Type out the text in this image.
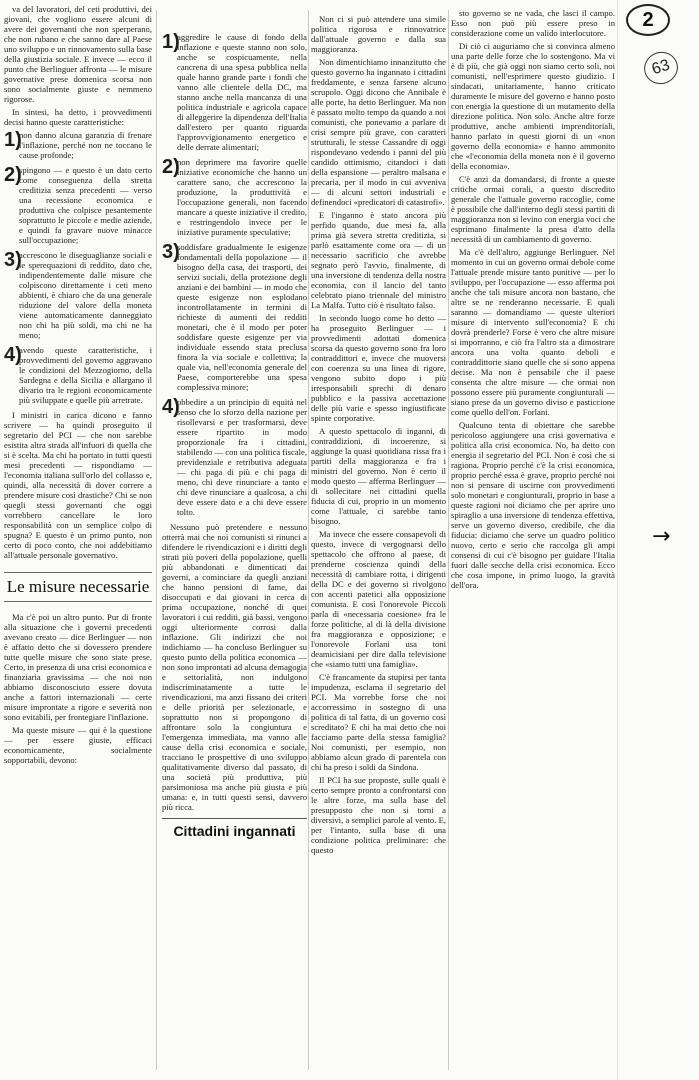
2
63
→

va del lavoratori, del ceti produttivi, dei giovani, che vogliono essere alcuni di avere dei governanti che non sperperano, che non rubano e che sanno dare al Paese uno sviluppo e un rinnovamento sulla base della giustizia sociale. E invece — ecco il punto che Berlinguer affronta — le misure governative prese domenica scorsa non sono socialmente giuste e nemmeno rigorose.

In sintesi, ha detto, i provvedimenti decisi hanno queste caratteristiche:

1)
non danno alcuna garanzia di frenare l'inflazione, perché non ne toccano le cause profonde;
2)
spingono — e questo è un dato certo come conseguenza della stretta creditizia senza precedenti — verso una recessione economica e produttiva che colpisce pesantemente soprattutto le piccole e medie aziende, e quindi fa gravare nuove minacce sull'occupazione;
3)
accrescono le diseguaglianze sociali e le sperequazioni di reddito, dato che, indipendentemente dalle misure che colpiscono direttamente i ceti meno abbienti, è chiaro che da una generale riduzione del valore della moneta viene automaticamente danneggiato non chi ha più soldi, ma chi ne ha meno;
4)
avendo queste caratteristiche, i provvedimenti del governo aggravano le condizioni del Mezzogiorno, della Sardegna e della Sicilia e allargano il divario tra le regioni economicamente più sviluppate e quelle più arretrate.

I ministri in carica dicono e fanno scrivere — ha quindi proseguito il segretario del PCI — che non sarebbe esistita altra strada all'infuori di quella che si è scelta. Ma chi ha portato in tutti questi mesi precedenti — rispondiamo — l'economia italiana sull'orlo del collasso e, quindi, alla necessità di dover correre a prendere misure così drastiche? Chi se non quegli stessi governanti che oggi vorrebbero cancellare le loro responsabilità con un semplice colpo di spugna? E questo è un primo punto, non certo di poco conto, che noi addebitiamo all'attuale personale governativo.

Le misure necessarie

Ma c'è poi un altro punto. Pur di fronte alla situazione che i governi precedenti avevano creato — dice Berlinguer — non è affatto detto che si dovessero prendere tutte quelle misure che sono state prese. Certo, in presenza di una crisi economica e finanziaria gravissima — che noi non abbiamo disconosciuto essere dovuta anche a fattori internazionali — certe misure improntate a rigore e severità non sono evitabili, per frontegiare l'inflazione.

Ma queste misure — qui è la questione — per essere giuste, efficaci economicamente, socialmente sopportabili, devono:

1)
aggredire le cause di fondo della inflazione e queste stanno non solo, anche se cospicuamente, nella cancrena di una spesa pubblica nella quale hanno grande parte i fondi che vanno alle clientele della DC, ma stanno anche nella mancanza di una politica industriale e agricola capace di alleggerire la dipendenza dell'Italia dall'estero per quanto riguarda l'approvvigionamento energetico e delle derrate alimentari;
2)
non deprimere ma favorire quelle iniziative economiche che hanno un carattere sano, che accrescono la produzione, la produttività e l'occupazione generali, non facendo mancare a queste iniziative il credito, e restringendolo invece per le iniziative puramente speculative;
3)
soddisfare gradualmente le esigenze fondamentali della popolazione — il bisogno della casa, dei trasporti, dei servizi sociali, della protezione degli anziani e dei bambini — in modo che queste esigenze non esplodano incontrollatamente in termini di richieste di aumenti dei redditi monetari, che è il modo per poter soddisfare queste esigenze per via individuale essendo stata preclusa finora la via sociale e collettiva; la quale via, nell'economia generale del Paese, comporterebbe una spesa complessiva minore;
4)
obbedire a un principio di equità nel senso che lo sforzo della nazione per risollevarsi e per trasformarsi, deve essere ripartito in modo proporzionale fra i cittadini, stabilendo — con una politica fiscale, previdenziale e retributiva adeguata — chi paga di più e chi paga di meno, chi deve rinunciare a tanto e chi deve rinunciare a qualcosa, a chi deve essere dato e a chi deve essere tolto.

Nessuno può pretendere e nessuno otterrà mai che noi comunisti si rinunci a difendere le rivendicazioni e i diritti degli strati più poveri della popolazione, quelli più abbandonati e dimenticati dai governi, a cominciare da quegli anziani che hanno pensioni di fame, dai disoccupati e dai giovani in cerca di prima occupazione, nonché di quei lavoratori i cui redditi, già bassi, vengono oggi ulteriormente corrosi dalla inflazione. Gli indirizzi che noi indichiamo — ha concluso Berlinguer su questo punto della politica economica — non sono improntati ad alcuna demagogia e settorialità, non indulgono indiscriminatamente a tutte le rivendicazioni, ma anzi fissano dei criteri e delle priorità per selezionarle, e soprattutto non si propongono di affrontare solo la congiuntura e l'emergenza immediata, ma vanno alle cause della crisi economica e sociale, tracciano le prospettive di uno sviluppo qualitativamente diverso dal passato, di una società più produttiva, più parsimoniosa ma anche più giusta e più umana: e, in tutti questi sensi, davvero più ricca.

Cittadini ingannati

Non ci si può attendere una simile politica rigorosa e rinnovatrice dall'attuale governo e dalla sua maggioranza.

Non dimentichiamo innanzitutto che questo governo ha ingannato i cittadini freddamente, e senza farsene alcuno scrupolo. Oggi dicono che Annibale è alle porte, ha detto Berlinguer. Ma non è passato molto tempo da quando a noi comunisti, che ponevamo a parlare di crisi sempre più grave, con caratteri strutturali, le stesse Cassandre di oggi rispondevano vedendo i panni del più candido ottimismo, citandoci i dati della espansione — peraltro malsana e precaria, per il modo in cui avveniva — di alcuni settori industriali e definendoci «predicatori di catastrofi».

E l'inganno è stato ancora più perfido quando, due mesi fa, alla prima già severa stretta creditizia, si parlò esattamente come ora — di un necessario sacrificio che avrebbe segnato però l'avvio, finalmente, di una inversione di tendenza della nostra economia, con il lancio del tanto celebrato piano triennale del ministro La Malfa. Tutto ciò è risultato falso.

In secondo luogo come ho detto — ha proseguito Berlinguer — i provvedimenti adottati domenica scorsa da questo governo sono fra loro contraddittori e, invece che muoversi con coerenza su una linea di rigore, vengono subito dopo i più irresponsabili sprechi di denaro pubblico e la passiva accettazione delle più varie e spesso ingiustificate spinte corporative.

A questo spettacolo di inganni, di contraddizioni, di incoerenze, si aggiunge la quasi quotidiana rissa fra i partiti della maggioranza e fra i ministri del governo. Non è certo il modo questo — afferma Berlinguer — di sollecitare nei cittadini quella fiducia di cui, proprio in un momento come l'attuale, ci sarebbe tanto bisogno.

Ma invece che essere consapevoli di questo, invece di vergognarsi dello spettacolo che offrono al paese, di prenderne coscienza quindi della necessità di cambiare rotta, i dirigenti della DC e dei governo si rivolgono con accenti patetici alla opposizione comunista. E così l'onorevole Piccoli parla di «necessaria coesione» fra le forze politiche, al di là della divisione fra maggioranza e opposizione; e l'onorevole Forlani usa toni deamicisiani per dire dalla televisione che «siamo tutti una famiglia».

C'è francamente da stupirsi per tanta impudenza, esclama il segretario del PCI. Ma vorrebbe forse che noi accorressimo in sostegno di una politica di tal fatta, di un governo così screditato? E chi ha mai detto che noi facciamo parte della stessa famiglia? Noi comunisti, per esempio, non abbiamo alcun grado di parentela con chi ha preso i soldi da Sindona.

Il PCI ha sue proposte, sulle quali è certo sempre pronto a confrontarsi con le altre forze, ma sulla base del presupposto che non si torni a diversivi, a semplici parole al vento. E, per l'intanto, sulla base di una condizione politica preliminare: che questo

sto governo se ne vada, che lasci il campo. Esso non può più essere preso in considerazione come un valido interlocutore.

Di ciò ci auguriamo che si convinca almeno una parte delle forze che lo sostengono. Ma vi è di più, che già oggi non siamo certo soli, noi comunisti, nell'esprimere questo giudizio. I sindacati, unitariamente, hanno criticato duramente le misure del governo e hanno posto con energia la questione di un mutamento della direzione politica. Non solo. Anche altre forze produttive, anche ambienti imprenditoriali, hanno parlato in questi giorni di un «non governo della economia» e hanno ammonito che «l'economia della moneta non è il governo della economia».

C'è anzi da domandarsi, di fronte a queste critiche ormai corali, a questo discredito generale che l'attuale governo raccoglie, come è possibile che dall'interno degli stessi partiti di maggioranza non si levino con energia voci che esprimano finalmente la presa d'atto della necessità di un cambiamento di governo.

Ma c'è dell'altro, aggiunge Berlinguer. Nel momento in cui un governo ormai debole come l'attuale prende misure tanto punitive — per lo sviluppo, per l'occupazione — esso afferma poi anche che tali misure ancora non bastano, che altre se ne renderanno necessarie. E quali saranno — domandiamo — queste ulteriori misure di intervento sull'economia? E chi dovrà prenderle? Forse è vero che altre misure si imporranno, e ciò fra l'altro sta a dimostrare ancora una volta quanto deboli e contraddittorie siano quelle che si sono appena decise. Ma non è pensabile che il paese consenta che altre misure — che ormai non possono essere più puramente congiunturali — siano prese da un governo diviso e pasticcione come quello dell'on. Forlani.

Qualcuno tenta di obiettare che sarebbe pericoloso aggiungere una crisi governativa e politica alla crisi economica. No, ha detto con energia il segretario del PCI. Non è così che si ragiona. Proprio perché c'è la crisi economica, proprio perché essa è grave, proprio perché noi non si pensare di uscirne con provvedimenti solo monetari e congiunturali, proprio in base a queste ragioni noi diciamo che per aprire uno spiraglio a una inversione di tendenza effettiva, serve un governo diverso, credibile, che dia fiducia: diciamo che serve un quadro politico nuovo, certo e serio che raccolga gli ampi consensi di cui c'è bisogno per guidare l'Italia fuori dalle secche della crisi economica. Ecco che cosa impone, in primo luogo, la gravità dell'ora.
